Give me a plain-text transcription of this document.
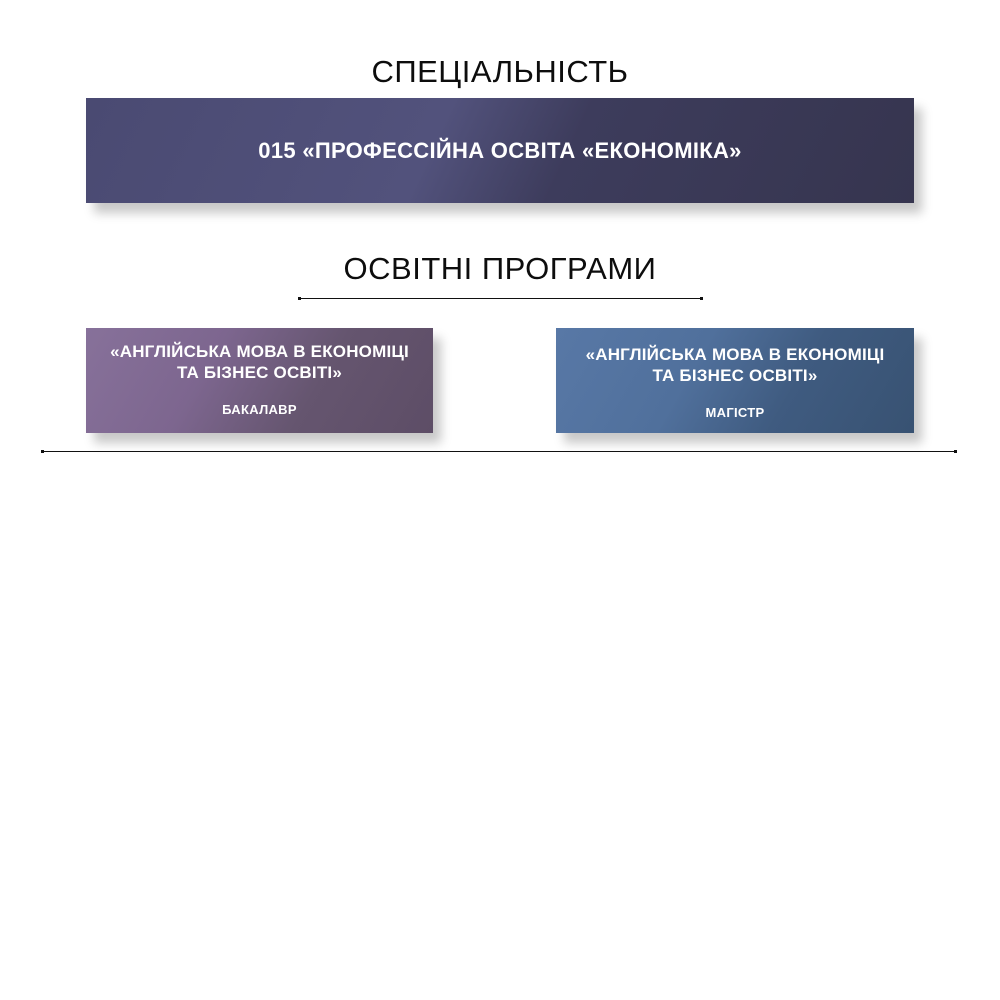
СПЕЦІАЛЬНІСТЬ
015 «ПРОФЕССІЙНА ОСВІТА «ЕКОНОМІКА»
ОСВІТНІ ПРОГРАМИ
«АНГЛІЙСЬКА МОВА В ЕКОНОМІЦІ
ТА БІЗНЕС ОСВІТІ»
БАКАЛАВР
«АНГЛІЙСЬКА МОВА В ЕКОНОМІЦІ
ТА БІЗНЕС ОСВІТІ»
МАГІСТР
